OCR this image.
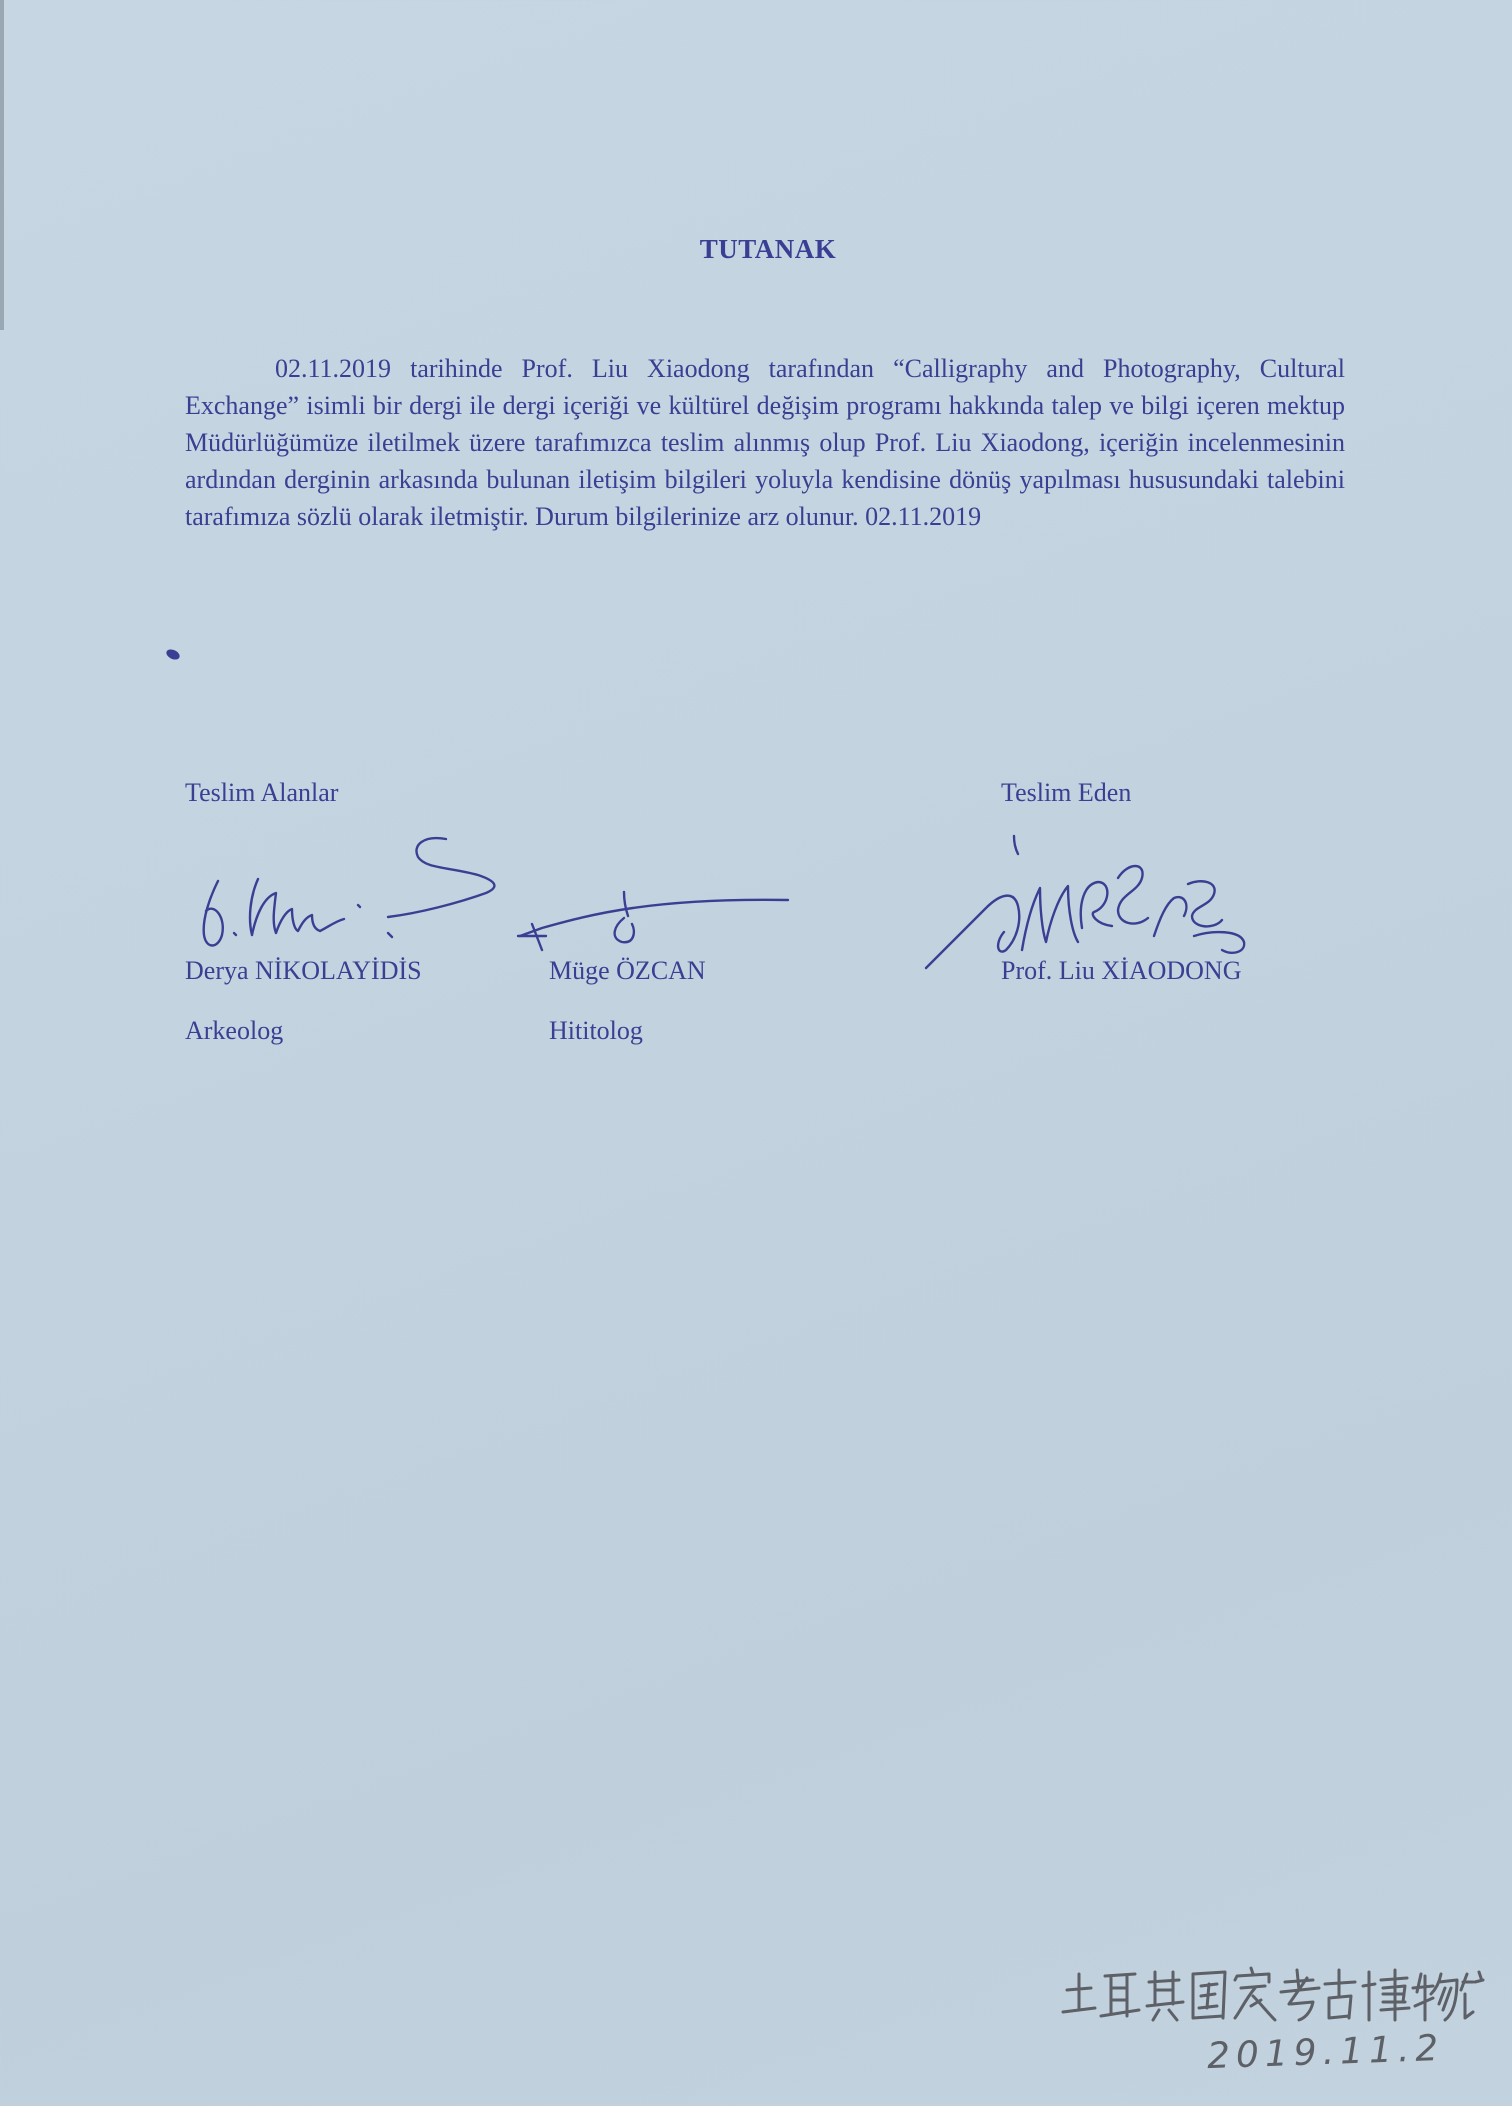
TUTANAK

02.11.2019 tarihinde Prof. Liu Xiaodong tarafından “Calligraphy and Photography, Cultural Exchange” isimli bir dergi ile dergi içeriği ve kültürel değişim programı hakkında talep ve bilgi içeren mektup Müdürlüğümüze iletilmek üzere tarafımızca teslim alınmış olup Prof. Liu Xiaodong, içeriğin incelenmesinin ardından derginin arkasında bulunan iletişim bilgileri yoluyla kendisine dönüş yapılması hususundaki talebini tarafımıza sözlü olarak iletmiştir. Durum bilgilerinize arz olunur. 02.11.2019

Teslim Alanlar	Teslim Eden
Derya NİKOLAYİDİS
Arkeolog
Müge ÖZCAN
Hititolog
Prof. Liu XİAODONG
2019.11.2
